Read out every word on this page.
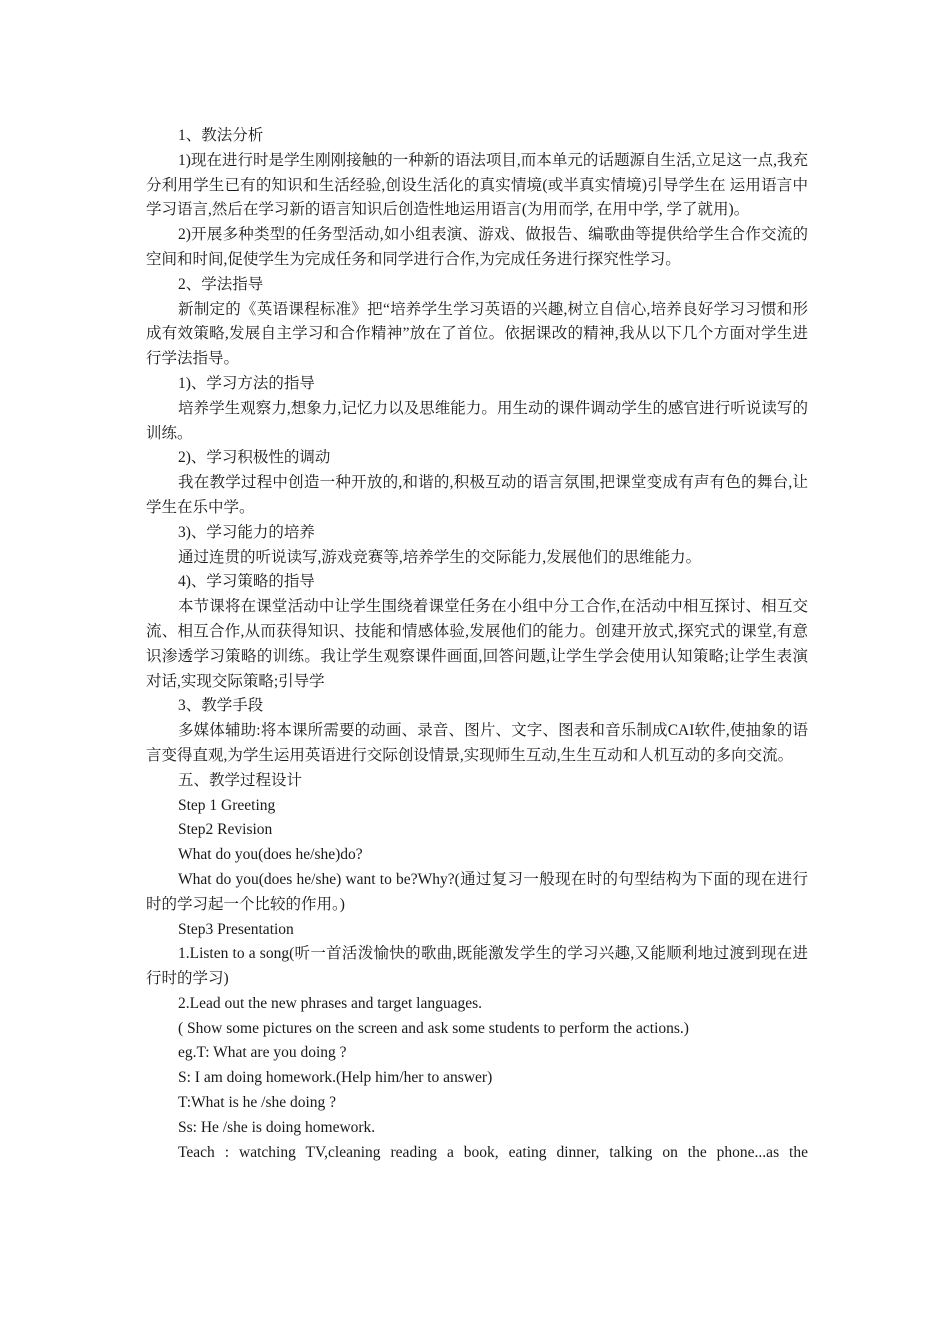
1、教法分析

1)现在进行时是学生刚刚接触的一种新的语法项目,而本单元的话题源自生活,立足这一点,我充分利用学生已有的知识和生活经验,创设生活化的真实情境(或半真实情境)引导学生在 运用语言中学习语言,然后在学习新的语言知识后创造性地运用语言(为用而学, 在用中学, 学了就用)。

2)开展多种类型的任务型活动,如小组表演、游戏、做报告、编歌曲等提供给学生合作交流的空间和时间,促使学生为完成任务和同学进行合作,为完成任务进行探究性学习。

2、学法指导

新制定的《英语课程标准》把“培养学生学习英语的兴趣,树立自信心,培养良好学习习惯和形成有效策略,发展自主学习和合作精神”放在了首位。依据课改的精神,我从以下几个方面对学生进行学法指导。

1)、学习方法的指导

培养学生观察力,想象力,记忆力以及思维能力。用生动的课件调动学生的感官进行听说读写的训练。

2)、学习积极性的调动

我在教学过程中创造一种开放的,和谐的,积极互动的语言氛围,把课堂变成有声有色的舞台,让学生在乐中学。

3)、学习能力的培养

通过连贯的听说读写,游戏竞赛等,培养学生的交际能力,发展他们的思维能力。

4)、学习策略的指导

本节课将在课堂活动中让学生围绕着课堂任务在小组中分工合作,在活动中相互探讨、相互交流、相互合作,从而获得知识、技能和情感体验,发展他们的能力。创建开放式,探究式的课堂,有意识渗透学习策略的训练。我让学生观察课件画面,回答问题,让学生学会使用认知策略;让学生表演对话,实现交际策略;引导学

3、教学手段

多媒体辅助:将本课所需要的动画、录音、图片、文字、图表和音乐制成CAI软件,使抽象的语言变得直观,为学生运用英语进行交际创设情景,实现师生互动,生生互动和人机互动的多向交流。

五、教学过程设计

Step 1 Greeting

Step2 Revision

What do you(does he/she)do?

What do you(does he/she) want to be?Why?(通过复习一般现在时的句型结构为下面的现在进行时的学习起一个比较的作用。)

Step3 Presentation

1.Listen to a song(听一首活泼愉快的歌曲,既能激发学生的学习兴趣,又能顺利地过渡到现在进行时的学习)

2.Lead out the new phrases and target languages.

( Show some pictures on the screen and ask some students to perform the actions.)

eg.T: What are you doing ?

S: I am doing homework.(Help him/her to answer)

T:What is he /she doing ?

Ss: He /she is doing homework.

Teach : watching TV,cleaning reading a book, eating dinner, talking on the phone...as the
